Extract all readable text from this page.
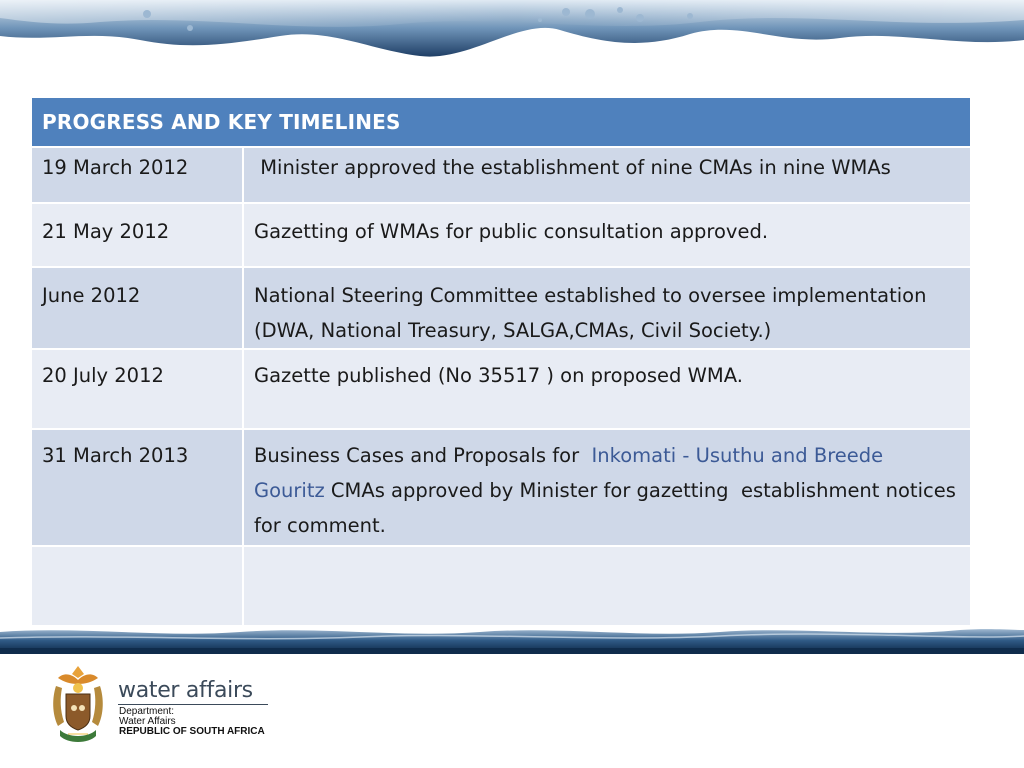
PROGRESS AND KEY TIMELINES	
19 March 2012	Minister approved the establishment of nine CMAs in nine WMAs
21 May 2012	Gazetting of WMAs for public consultation approved.
June 2012	National Steering Committee established to oversee implementation (DWA, National Treasury, SALGA,CMAs, Civil Society.)
20 July 2012	Gazette published (No 35517 ) on proposed WMA.
31 March 2013	Business Cases and Proposals for  Inkomati - Usuthu and Breede Gouritz CMAs approved by Minister for gazetting  establishment notices for comment.

water affairs
Department:
Water Affairs
REPUBLIC OF SOUTH AFRICA
